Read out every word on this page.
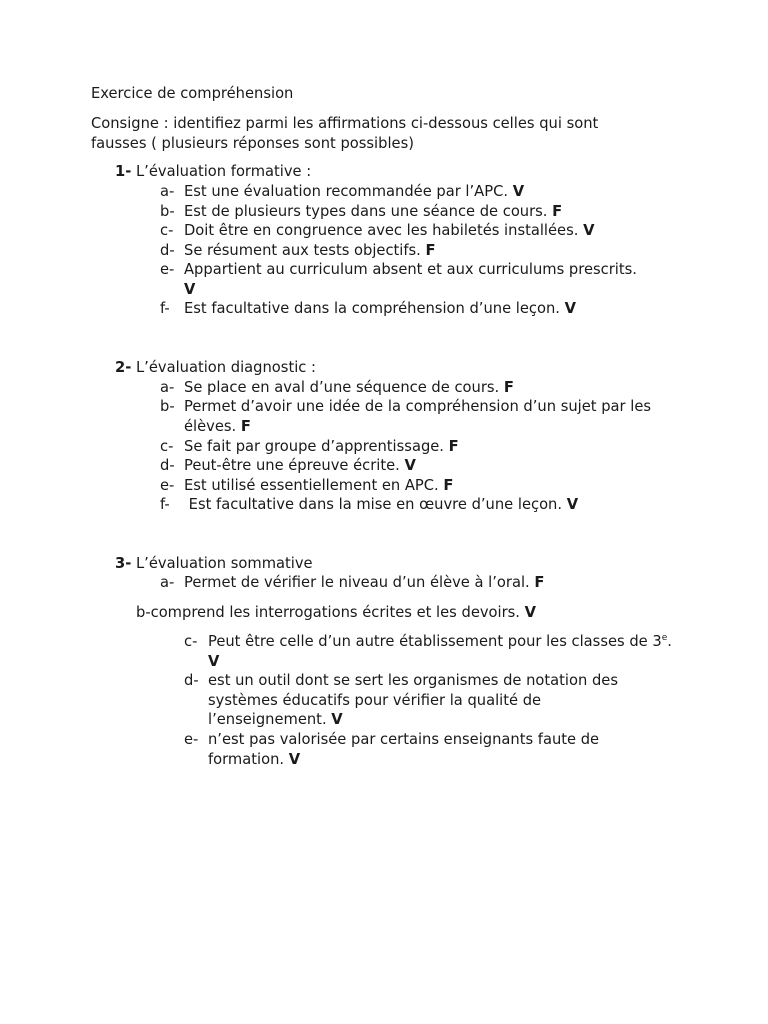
Exercice de compréhension
Consigne : identifiez parmi les affirmations ci-dessous celles qui sont fausses ( plusieurs réponses sont possibles)
1- L’évaluation formative :
a- Est une évaluation recommandée par l’APC. V
b- Est de plusieurs types dans une séance de cours. F
c- Doit être en congruence avec les habiletés installées. V
d- Se résument aux tests objectifs. F
e- Appartient au curriculum absent et aux curriculums prescrits.
V
f- Est facultative dans la compréhension d’une leçon. V
2- L’évaluation diagnostic :
a- Se place en aval d’une séquence de cours. F
b- Permet d’avoir une idée de la compréhension d’un sujet par les élèves. F
c- Se fait par groupe d’apprentissage. F
d- Peut-être une épreuve écrite. V
e- Est utilisé essentiellement en APC. F
f- Est facultative dans la mise en œuvre d’une leçon. V
3- L’évaluation sommative
a- Permet de vérifier le niveau d’un élève à l’oral. F
b-comprend les interrogations écrites et les devoirs. V
c- Peut être celle d’un autre établissement pour les classes de 3e. V
d- est un outil dont se sert les organismes de notation des systèmes éducatifs pour vérifier la qualité de l’enseignement. V
e- n’est pas valorisée par certains enseignants faute de formation. V
